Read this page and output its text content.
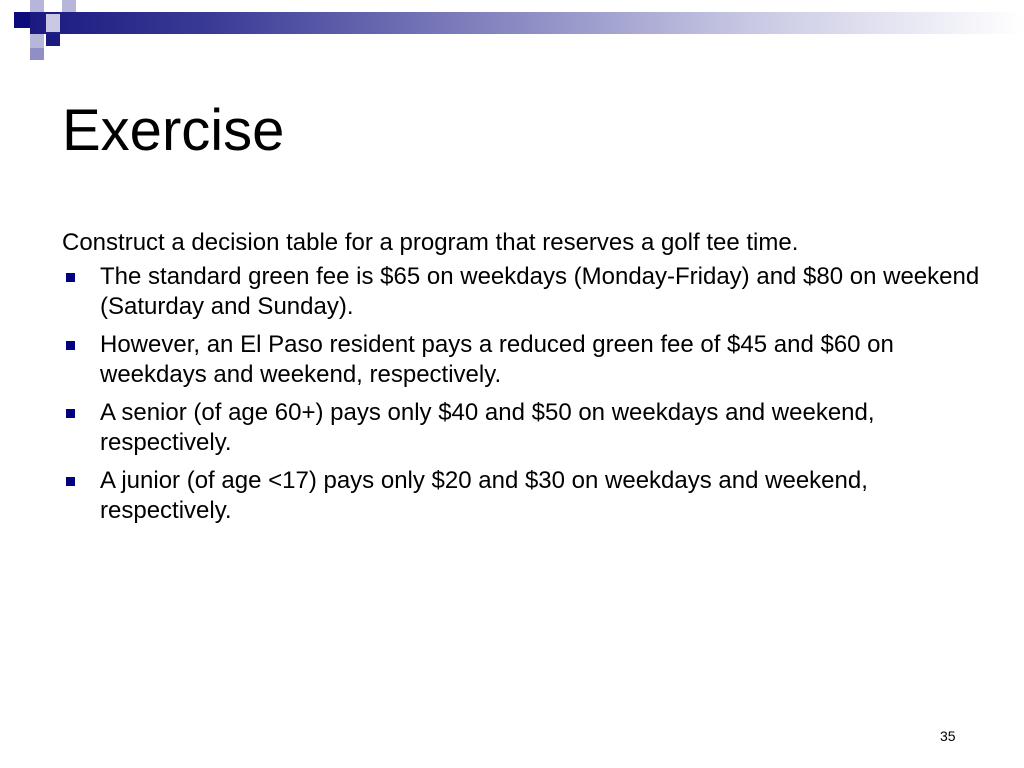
Exercise

Construct a decision table for a program that reserves a golf tee time.

The standard green fee is $65 on weekdays (Monday-Friday) and $80 on weekend (Saturday and Sunday).
However, an El Paso resident pays a reduced green fee of $45 and $60 on weekdays and weekend, respectively.
A senior (of age 60+) pays only $40 and $50 on weekdays and weekend, respectively.
A junior (of age <17) pays only $20 and $30 on weekdays and weekend, respectively.
35
